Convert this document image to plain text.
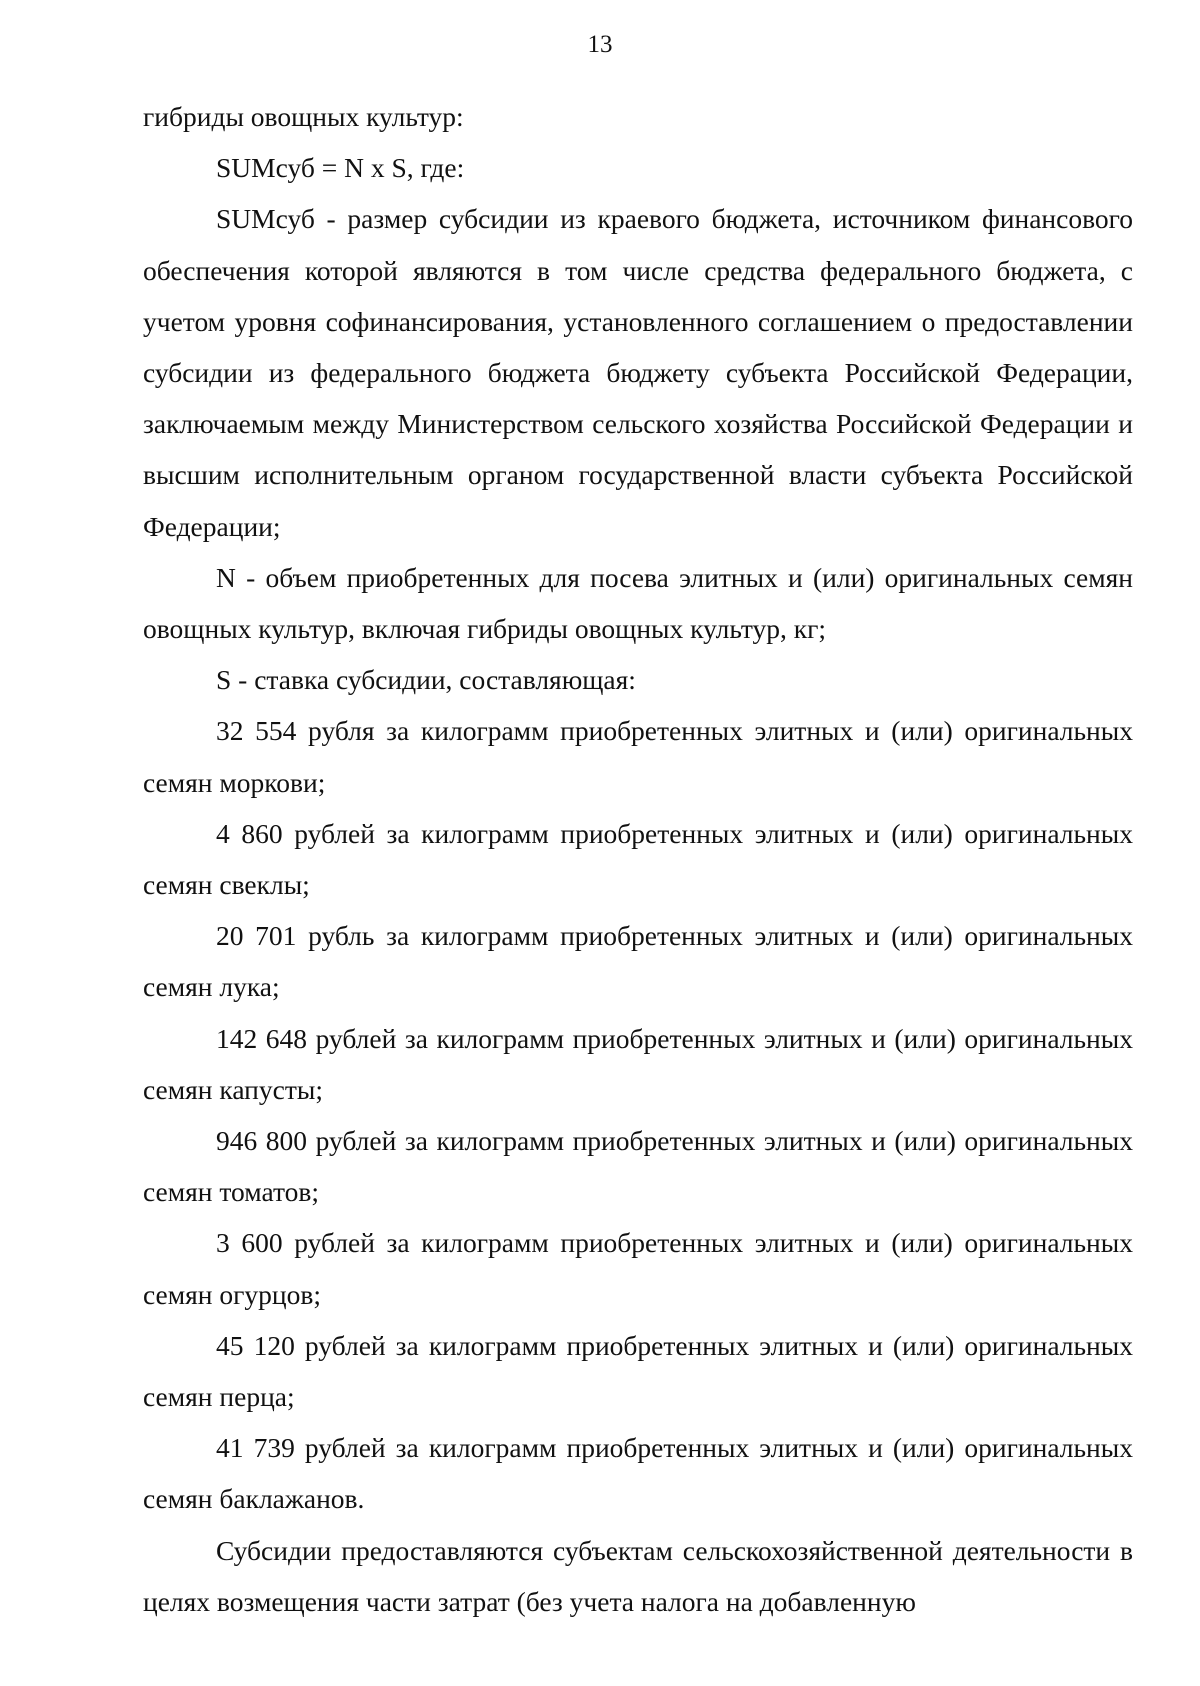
13

гибриды овощных культур:

SUMсуб = N x S, где:

SUMсуб - размер субсидии из краевого бюджета, источником финансового обеспечения которой являются в том числе средства федерального бюджета, с учетом уровня софинансирования, установленного соглашением о предоставлении субсидии из федерального бюджета бюджету субъекта Российской Федерации, заключаемым между Министерством сельского хозяйства Российской Федерации и высшим исполнительным органом государственной власти субъекта Российской Федерации;

N - объем приобретенных для посева элитных и (или) оригинальных семян овощных культур, включая гибриды овощных культур, кг;

S - ставка субсидии, составляющая:

32 554 рубля за килограмм приобретенных элитных и (или) оригинальных семян моркови;

4 860 рублей за килограмм приобретенных элитных и (или) оригинальных семян свеклы;

20 701 рубль за килограмм приобретенных элитных и (или) оригинальных семян лука;

142 648 рублей за килограмм приобретенных элитных и (или) оригинальных семян капусты;

946 800 рублей за килограмм приобретенных элитных и (или) оригинальных семян томатов;

3 600 рублей за килограмм приобретенных элитных и (или) оригинальных семян огурцов;

45 120 рублей за килограмм приобретенных элитных и (или) оригинальных семян перца;

41 739 рублей за килограмм приобретенных элитных и (или) оригинальных семян баклажанов.

Субсидии предоставляются субъектам сельскохозяйственной деятельности в целях возмещения части затрат (без учета налога на добавленную
